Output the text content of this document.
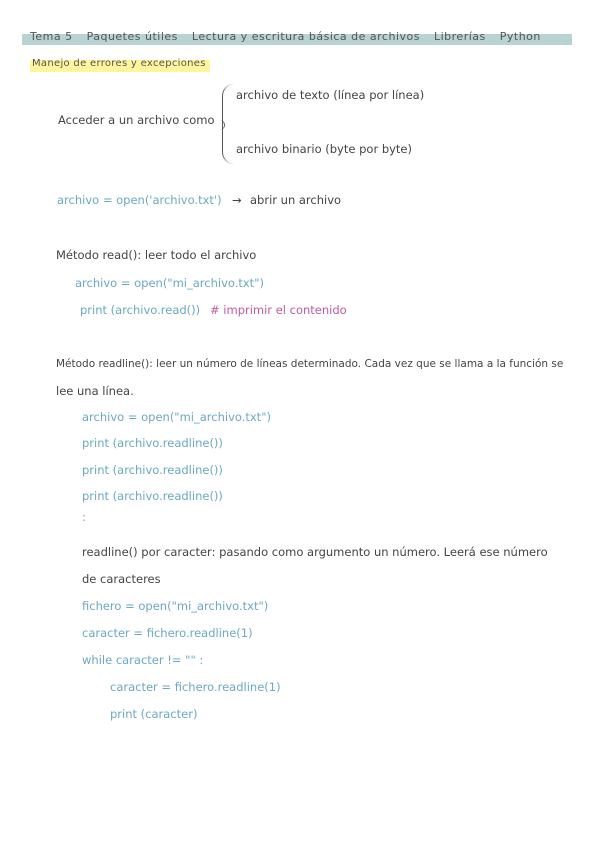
Tema 5 Paquetes útiles Lectura y escritura básica de archivos Librerías Python
Manejo de errores y excepciones
Acceder a un archivo como
archivo de texto (línea por línea)
archivo binario (byte por byte)
archivo = open('archivo.txt') → abrir un archivo
Método read(): leer todo el archivo
archivo = open("mi_archivo.txt")
print (archivo.read()) # imprimir el contenido
Método readline(): leer un número de líneas determinado. Cada vez que se llama a la función se
lee una línea.
archivo = open("mi_archivo.txt")
print (archivo.readline())
print (archivo.readline())
print (archivo.readline())
:
readline() por caracter: pasando como argumento un número. Leerá ese número
de caracteres
fichero = open("mi_archivo.txt")
caracter = fichero.readline(1)
while caracter != "" :
caracter = fichero.readline(1)
print (caracter)
